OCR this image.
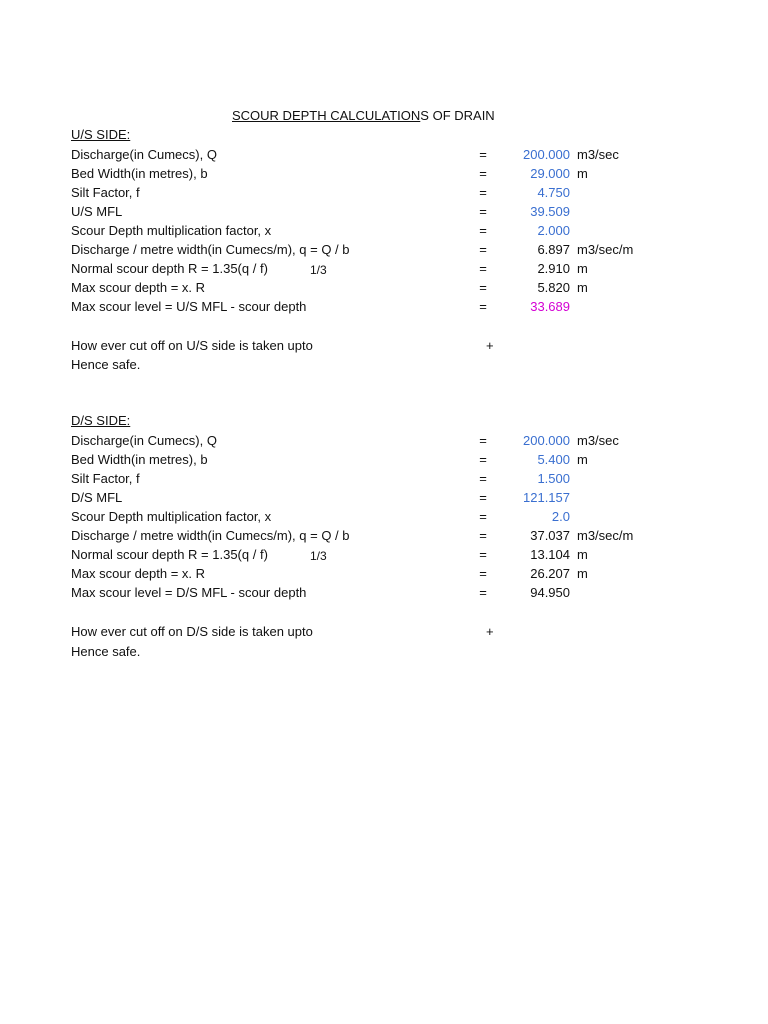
SCOUR DEPTH CALCULATIONS OF DRAIN
U/S SIDE:
Discharge(in Cumecs), Q	=	200.000 m3/sec
Bed Width(in metres), b	=	29.000 m
Silt Factor, f	=	4.750
U/S MFL	=	39.509
Scour Depth multiplication factor, x	=	2.000
Discharge / metre width(in Cumecs/m), q = Q / b	=	6.897 m3/sec/m
Normal scour depth R = 1.35(q / f)	1/3	=	2.910 m
Max scour depth = x. R	=	5.820 m
Max scour level = U/S MFL - scour depth	=	33.689
How ever cut off on U/S side is taken upto	+
Hence safe.
D/S SIDE:
Discharge(in Cumecs), Q	=	200.000 m3/sec
Bed Width(in metres), b	=	5.400 m
Silt Factor, f	=	1.500
D/S MFL	=	121.157
Scour Depth multiplication factor, x	=	2.0
Discharge / metre width(in Cumecs/m), q = Q / b	=	37.037 m3/sec/m
Normal scour depth R = 1.35(q / f)	1/3	=	13.104 m
Max scour depth = x. R	=	26.207 m
Max scour level = D/S MFL - scour depth	=	94.950
How ever cut off on D/S side is taken upto	+
Hence safe.
